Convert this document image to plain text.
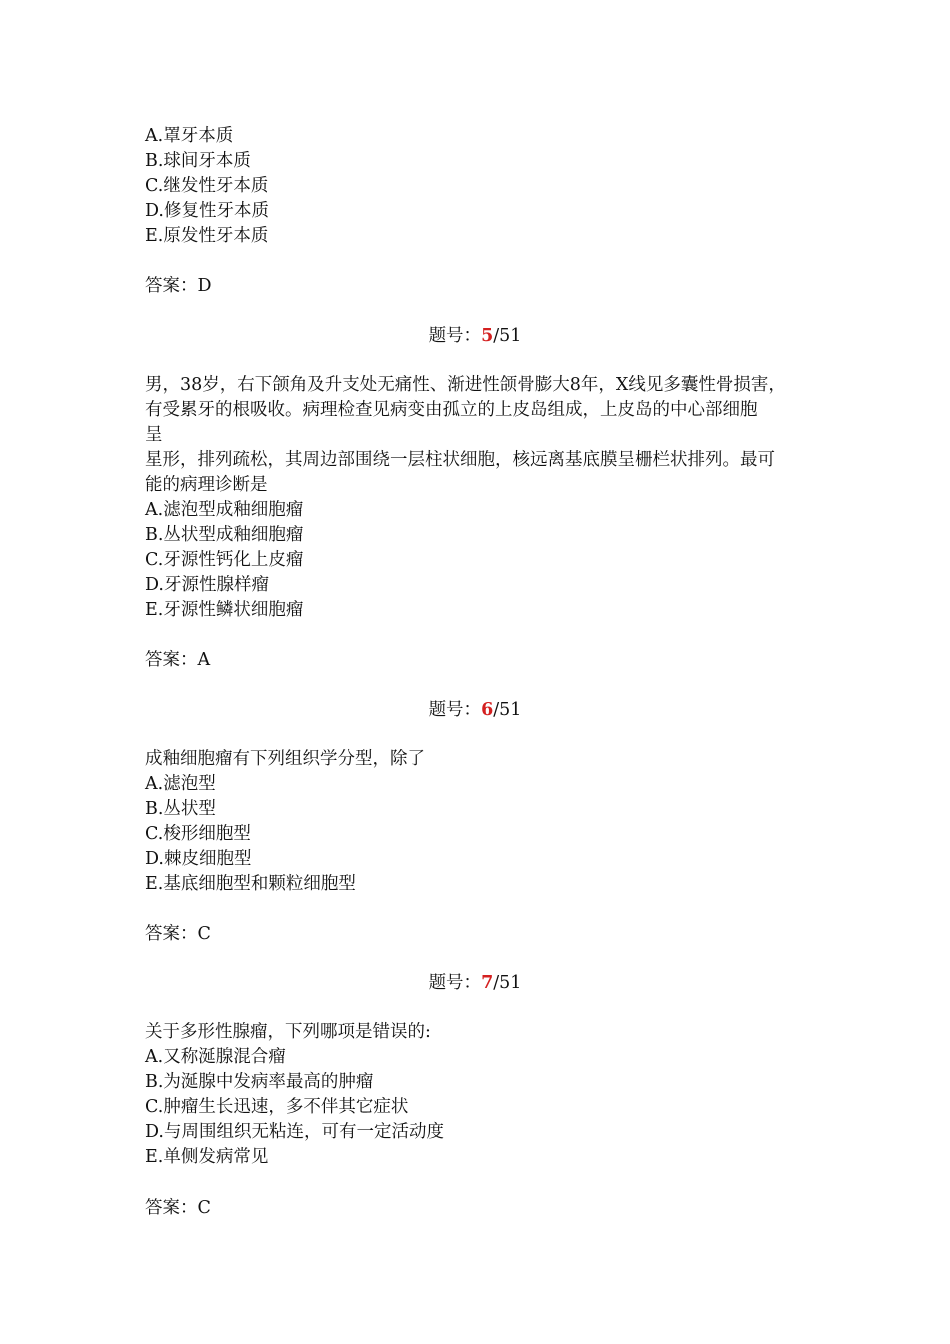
A.罩牙本质
B.球间牙本质
C.继发性牙本质
D.修复性牙本质
E.原发性牙本质
答案：D
题号：5/51
男，38岁，右下颌角及升支处无痛性、渐进性颌骨膨大8年，X线见多囊性骨损害，
有受累牙的根吸收。病理检查见病变由孤立的上皮岛组成，上皮岛的中心部细胞
呈
星形，排列疏松，其周边部围绕一层柱状细胞，核远离基底膜呈栅栏状排列。最可
能的病理诊断是
A.滤泡型成釉细胞瘤
B.丛状型成釉细胞瘤
C.牙源性钙化上皮瘤
D.牙源性腺样瘤
E.牙源性鳞状细胞瘤
答案：A
题号：6/51
成釉细胞瘤有下列组织学分型，除了
A.滤泡型
B.丛状型
C.梭形细胞型
D.棘皮细胞型
E.基底细胞型和颗粒细胞型
答案：C
题号：7/51
关于多形性腺瘤，下列哪项是错误的:
A.又称涎腺混合瘤
B.为涎腺中发病率最高的肿瘤
C.肿瘤生长迅速，多不伴其它症状
D.与周围组织无粘连，可有一定活动度
E.单侧发病常见
答案：C
